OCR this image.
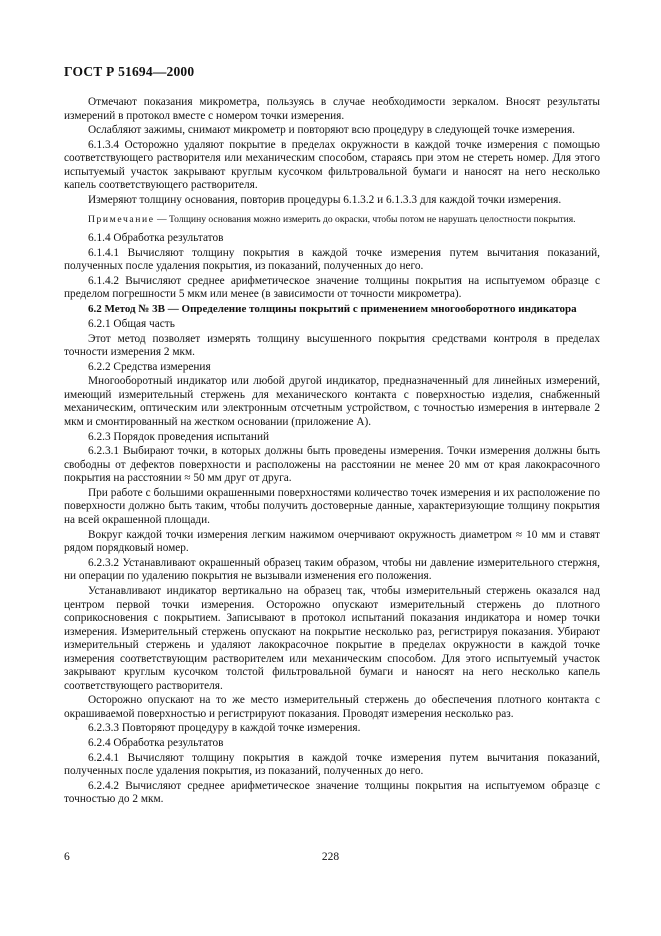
ГОСТ Р 51694—2000

Отмечают показания микрометра, пользуясь в случае необходимости зеркалом. Вносят результаты измерений в протокол вместе с номером точки измерения.

Ослабляют зажимы, снимают микрометр и повторяют всю процедуру в следующей точке измерения.

6.1.3.4 Осторожно удаляют покрытие в пределах окружности в каждой точке измерения с помощью соответствующего растворителя или механическим способом, стараясь при этом не стереть номер. Для этого испытуемый участок закрывают круглым кусочком фильтровальной бумаги и наносят на него несколько капель соответствующего растворителя.

Измеряют толщину основания, повторив процедуры 6.1.3.2 и 6.1.3.3 для каждой точки измерения.

Примечание — Толщину основания можно измерить до окраски, чтобы потом не нарушать целостности покрытия.

6.1.4 Обработка результатов

6.1.4.1 Вычисляют толщину покрытия в каждой точке измерения путем вычитания показаний, полученных после удаления покрытия, из показаний, полученных до него.

6.1.4.2 Вычисляют среднее арифметическое значение толщины покрытия на испытуемом образце с пределом погрешности 5 мкм или менее (в зависимости от точности микрометра).

6.2 Метод № 3В — Определение толщины покрытий с применением многооборотного индикатора

6.2.1 Общая часть

Этот метод позволяет измерять толщину высушенного покрытия средствами контроля в пределах точности измерения 2 мкм.

6.2.2 Средства измерения

Многооборотный индикатор или любой другой индикатор, предназначенный для линейных измерений, имеющий измерительный стержень для механического контакта с поверхностью изделия, снабженный механическим, оптическим или электронным отсчетным устройством, с точностью измерения в интервале 2 мкм и смонтированный на жестком основании (приложение А).

6.2.3 Порядок проведения испытаний

6.2.3.1 Выбирают точки, в которых должны быть проведены измерения. Точки измерения должны быть свободны от дефектов поверхности и расположены на расстоянии не менее 20 мм от края лакокрасочного покрытия на расстоянии ≈ 50 мм друг от друга.

При работе с большими окрашенными поверхностями количество точек измерения и их расположение по поверхности должно быть таким, чтобы получить достоверные данные, характеризующие толщину покрытия на всей окрашенной площади.

Вокруг каждой точки измерения легким нажимом очерчивают окружность диаметром ≈ 10 мм и ставят рядом порядковый номер.

6.2.3.2 Устанавливают окрашенный образец таким образом, чтобы ни давление измерительного стержня, ни операции по удалению покрытия не вызывали изменения его положения.

Устанавливают индикатор вертикально на образец так, чтобы измерительный стержень оказался над центром первой точки измерения. Осторожно опускают измерительный стержень до плотного соприкосновения с покрытием. Записывают в протокол испытаний показания индикатора и номер точки измерения. Измерительный стержень опускают на покрытие несколько раз, регистрируя показания. Убирают измерительный стержень и удаляют лакокрасочное покрытие в пределах окружности в каждой точке измерения соответствующим растворителем или механическим способом. Для этого испытуемый участок закрывают круглым кусочком толстой фильтровальной бумаги и наносят на него несколько капель соответствующего растворителя.

Осторожно опускают на то же место измерительный стержень до обеспечения плотного контакта с окрашиваемой поверхностью и регистрируют показания. Проводят измерения несколько раз.

6.2.3.3 Повторяют процедуру в каждой точке измерения.

6.2.4 Обработка результатов

6.2.4.1 Вычисляют толщину покрытия в каждой точке измерения путем вычитания показаний, полученных после удаления покрытия, из показаний, полученных до него.

6.2.4.2 Вычисляют среднее арифметическое значение толщины покрытия на испытуемом образце с точностью до 2 мкм.

6	228
